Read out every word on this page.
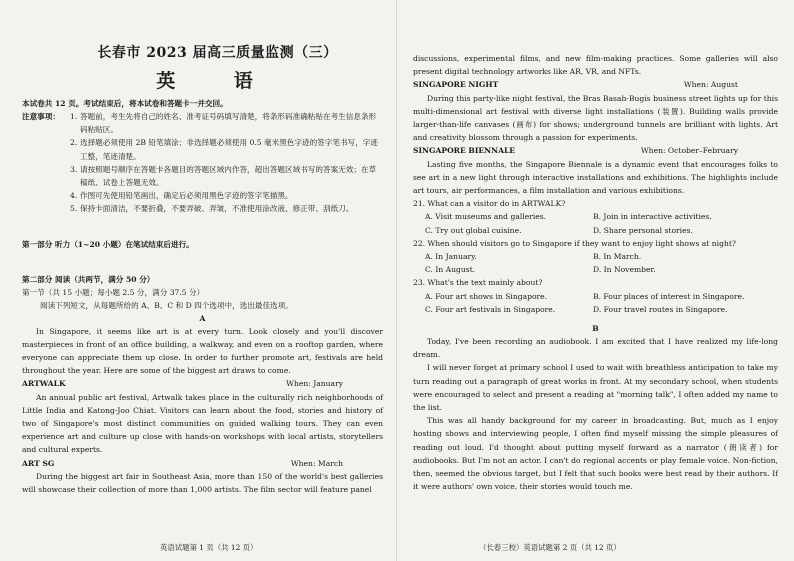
长春市 2023 届高三质量监测（三）
英 语
本试卷共 12 页。考试结束后，将本试卷和答题卡一并交回。
注意事项：	1. 答题前，考生先将自己的姓名、准考证号码填写清楚，将条形码准确粘贴在考生信息条形码粘贴区。
2. 选择题必须使用 2B 铅笔填涂；非选择题必须使用 0.5 毫米黑色字迹的签字笔书写，字迹工整，笔迹清楚。
3. 请按照题号顺序在答题卡各题目的答题区域内作答，超出答题区域书写的答案无效；在草稿纸、试卷上答题无效。
4. 作图可先使用铅笔画出，确定后必须用黑色字迹的签字笔描黑。
5. 保持卡面清洁，不要折叠，不要弄破、弄皱，不准使用涂改液、修正带、刮纸刀。
第一部分 听力（1~20 小题）在笔试结束后进行。
第二部分 阅读（共两节，满分 50 分）
第一节（共 15 小题；每小题 2.5 分，满分 37.5 分）
阅读下列短文，从每题所给的 A、B、C 和 D 四个选项中，选出最佳选项。
A

In Singapore, it seems like art is at every turn. Look closely and you'll discover masterpieces in front of an office building, a walkway, and even on a rooftop garden, where everyone can appreciate them up close. In order to further promote art, festivals are held throughout the year. Here are some of the biggest art draws to come.

ARTWALK	When: January

An annual public art festival, Artwalk takes place in the culturally rich neighborhoods of Little India and Katong-Joo Chiat. Visitors can learn about the food, stories and history of two of Singapore's most distinct communities on guided walking tours. They can even experience art and culture up close with hands-on workshops with local artists, storytellers and cultural experts.

ART SG	When: March

During the biggest art fair in Southeast Asia, more than 150 of the world's best galleries will showcase their collection of more than 1,000 artists. The film sector will feature panel

英语试题第 1 页（共 12 页）

discussions, experimental films, and new film-making practices. Some galleries will also present digital technology artworks like AR, VR, and NFTs.

SINGAPORE NIGHT	When: August

During this party-like night festival, the Bras Basah-Bugis business street lights up for this multi-dimensional art festival with diverse light installations (装置). Building walls provide larger-than-life canvases (画布) for shows; underground tunnels are brilliant with lights. Art and creativity blossom through a passion for experiments.

SINGAPORE BIENNALE	When: October–February

Lasting five months, the Singapore Biennale is a dynamic event that encourages folks to see art in a new light through interactive installations and exhibitions. The highlights include art tours, air performances, a film installation and various exhibitions.

21. What can a visitor do in ARTWALK?
A. Visit museums and galleries.	B. Join in interactive activities.
C. Try out global cuisine.	D. Share personal stories.
22. When should visitors go to Singapore if they want to enjoy light shows at night?
A. In January.	B. In March.
C. In August.	D. In November.
23. What's the text mainly about?
A. Four art shows in Singapore.	B. Four places of interest in Singapore.
C. Four art festivals in Singapore.	D. Four travel routes in Singapore.
B

Today, I've been recording an audiobook. I am excited that I have realized my life-long dream.

I will never forget at primary school I used to wait with breathless anticipation to take my turn reading out a paragraph of great works in front. At my secondary school, when students were encouraged to select and present a reading at "morning talk", I often added my name to the list.

This was all handy background for my career in broadcasting. But, much as I enjoy hosting shows and interviewing people, I often find myself missing the simple pleasures of reading out loud. I'd thought about putting myself forward as a narrator (朗读者) for audiobooks. But I'm not an actor. I can't do regional accents or play female voice. Non-fiction, then, seemed the obvious target, but I felt that such books were best read by their authors. If it were authors' own voice, their stories would touch me.

（长春三校）英语试题第 2 页（共 12 页）
